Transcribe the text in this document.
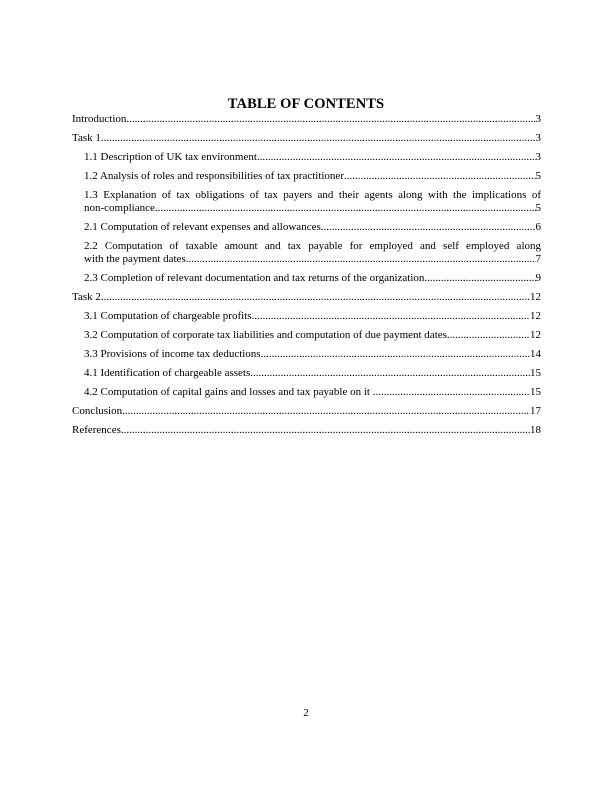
TABLE OF CONTENTS
Introduction .....	3
Task 1 .....	3
1.1 Description of UK tax environment .....	3
1.2 Analysis of roles and responsibilities of tax practitioner .....	5
1.3 Explanation of tax obligations of tax payers and their agents along with the implications of
non-compliance .....	5
2.1 Computation of relevant expenses and allowances .....	6
2.2 Computation of taxable amount and tax payable for employed and self employed along
with the payment dates .....	7
2.3 Completion of relevant documentation and tax returns of the organization .....	9
Task 2 .....	12
3.1 Computation of chargeable profits .....	12
3.2 Computation of corporate tax liabilities and computation of due payment dates .....	12
3.3 Provisions of income tax deductions .....	14
4.1 Identification of chargeable assets .....	15
4.2 Computation of capital gains and losses and tax payable on it .....	15
Conclusion .....	17
References .....	18
2
